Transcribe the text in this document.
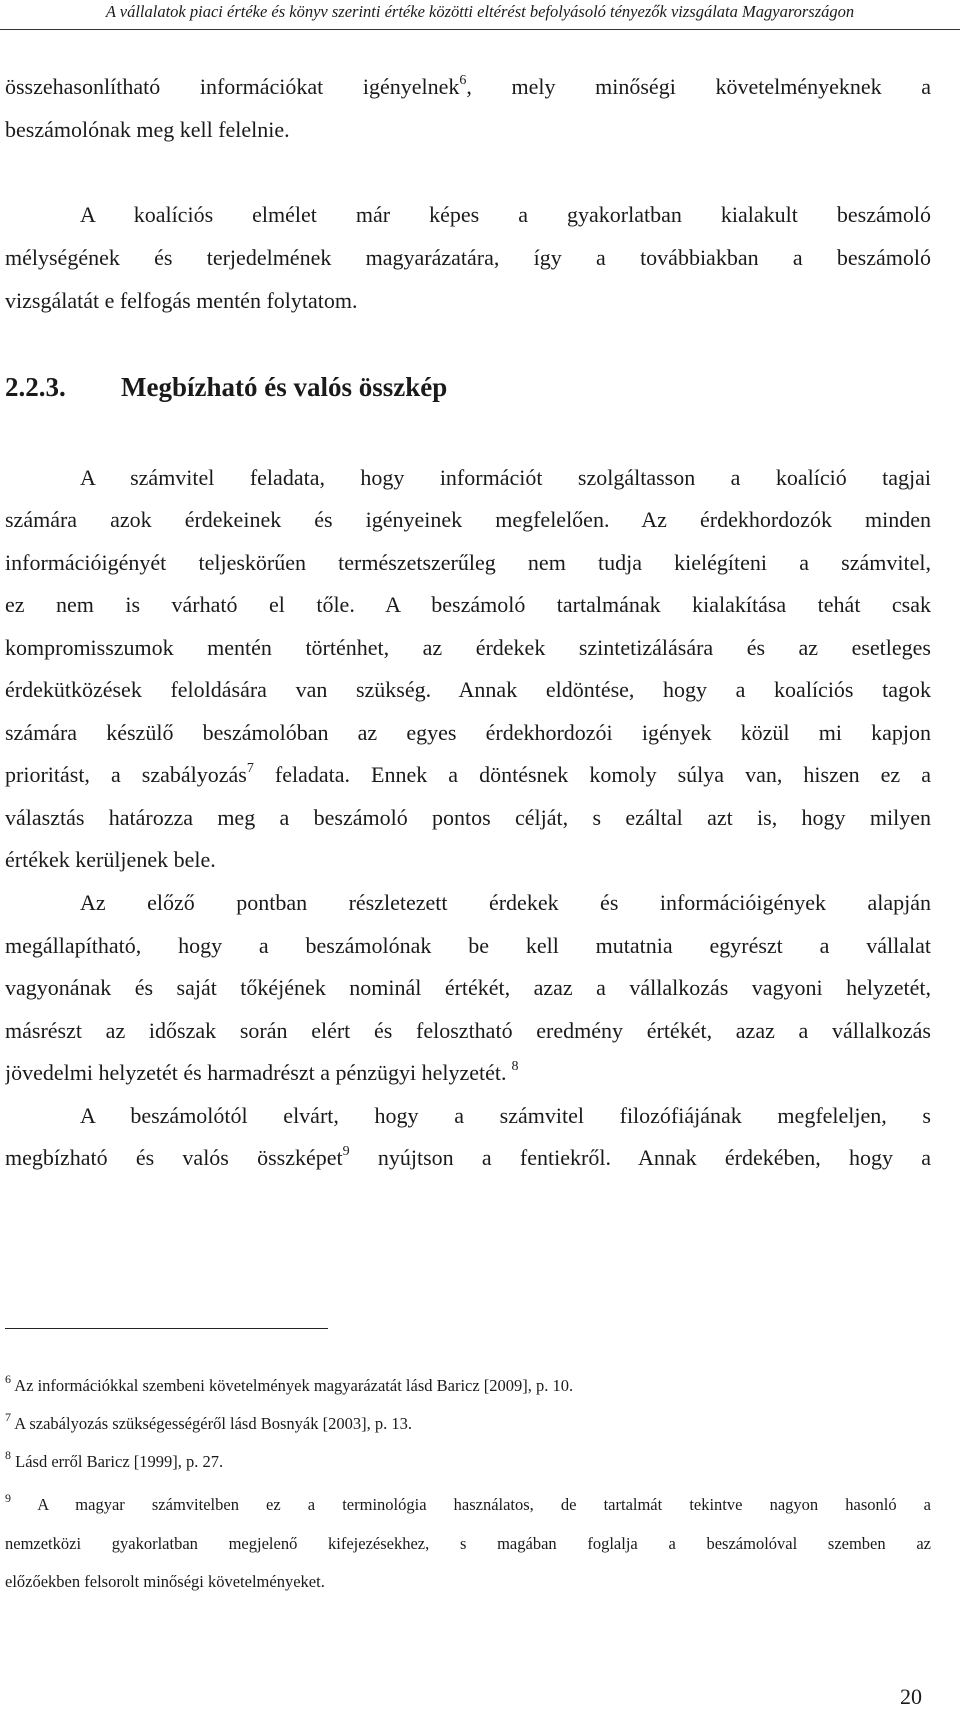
A vállalatok piaci értéke és könyv szerinti értéke közötti eltérést befolyásoló tényezők vizsgálata Magyarországon
összehasonlítható információkat igényelnek$^6$, mely minőségi követelményeknek a
beszámolónak meg kell felelnie.
A koalíciós elmélet már képes a gyakorlatban kialakult beszámoló
mélységének és terjedelmének magyarázatára, így a továbbiakban a beszámoló
vizsgálatát e felfogás mentén folytatom.
2.2.3. Megbízható és valós összkép
A számvitel feladata, hogy információt szolgáltasson a koalíció tagjai
számára azok érdekeinek és igényeinek megfelelően. Az érdekhordozók minden
információigényét teljeskörűen természetszerűleg nem tudja kielégíteni a számvitel,
ez nem is várható el tőle. A beszámoló tartalmának kialakítása tehát csak
kompromisszumok mentén történhet, az érdekek szintetizálására és az esetleges
érdekütközések feloldására van szükség. Annak eldöntése, hogy a koalíciós tagok
számára készülő beszámolóban az egyes érdekhordozói igények közül mi kapjon
prioritást, a szabályozás$^7$ feladata. Ennek a döntésnek komoly súlya van, hiszen ez a
választás határozza meg a beszámoló pontos célját, s ezáltal azt is, hogy milyen
értékek kerüljenek bele.
Az előző pontban részletezett érdekek és információigények alapján
megállapítható, hogy a beszámolónak be kell mutatnia egyrészt a vállalat
vagyonának és saját tőkéjének nominál értékét, azaz a vállalkozás vagyoni helyzetét,
másrészt az időszak során elért és felosztható eredmény értékét, azaz a vállalkozás
jövedelmi helyzetét és harmadrészt a pénzügyi helyzetét. $^8$
A beszámolótól elvárt, hogy a számvitel filozófiájának megfeleljen, s
megbízható és valós összképet$^9$ nyújtson a fentiekről. Annak érdekében, hogy a
$^6$ Az információkkal szembeni követelmények magyarázatát lásd Baricz [2009], p. 10.
$^7$ A szabályozás szükségességéről lásd Bosnyák [2003], p. 13.
$^8$ Lásd erről Baricz [1999], p. 27.
$^9$ A magyar számvitelben ez a terminológia használatos, de tartalmát tekintve nagyon hasonló a
nemzetközi gyakorlatban megjelenő kifejezésekhez, s magában foglalja a beszámolóval szemben az
előzőekben felsorolt minőségi követelményeket.
20
